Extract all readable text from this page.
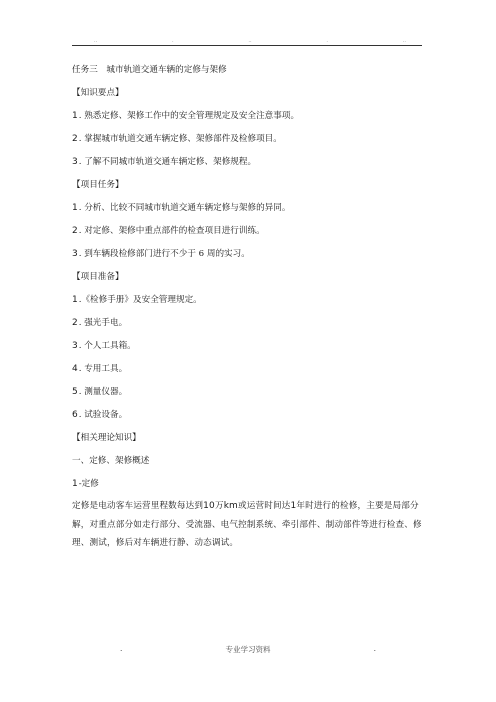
..	.	..	.	..
任务三　城市轨道交通车辆的定修与架修
【知识要点】
1. 熟悉定修、架修工作中的安全管理规定及安全注意事项。
2. 掌握城市轨道交通车辆定修、架修部件及检修项目。
3. 了解不同城市轨道交通车辆定修、架修规程。
【项目任务】
1. 分析、比较不同城市轨道交通车辆定修与架修的异同。
2. 对定修、架修中重点部件的检查项目进行训练。
3. 到车辆段检修部门进行不少于 6 周的实习。
【项目准备】
1.《检修手册》及安全管理规定。
2. 强光手电。
3. 个人工具箱。
4. 专用工具。
5. 测量仪器。
6. 试验设备。
【相关理论知识】
一、定修、架修概述
1-定修
定修是电动客车运营里程数每达到10万km或运营时间达1年时进行的检修，主要是局部分解，对重点部分如走行部分、受流器、电气控制系统、牵引部件、制动部件等进行检查、修理、测试，修后对车辆进行静、动态调试。
.	专业学习资料	.
